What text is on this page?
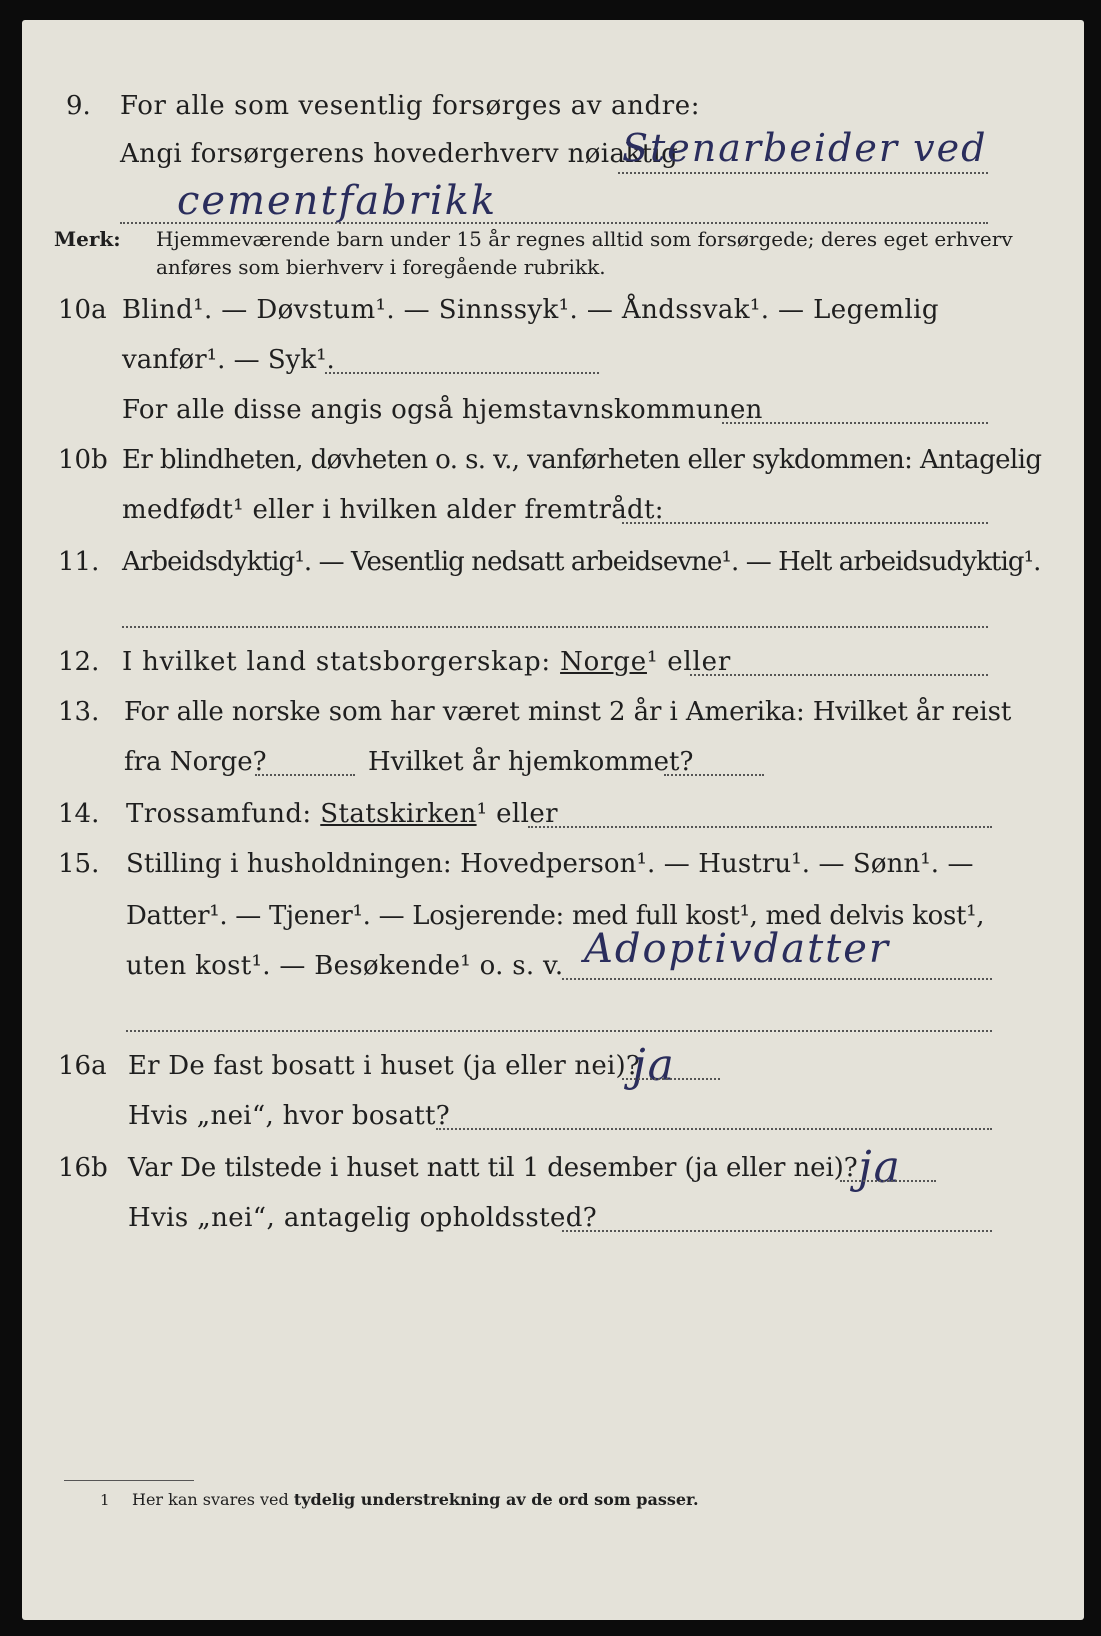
9. For alle som vesentlig forsørges av andre:
Angi forsørgerens hovederhverv nøiaktig
Stenarbeider ved
cementfabrikk
Merk: Hjemmeværende barn under 15 år regnes alltid som forsørgede; deres eget erhverv
anføres som bierhverv i foregående rubrikk.
10a Blind¹. — Døvstum¹. — Sinnssyk¹. — Åndssvak¹. — Legemlig
vanfør¹. — Syk¹.
For alle disse angis også hjemstavnskommunen
10b Er blindheten, døvheten o. s. v., vanførheten eller sykdommen: Antagelig
medfødt¹ eller i hvilken alder fremtrådt:
11. Arbeidsdyktig¹. — Vesentlig nedsatt arbeidsevne¹. — Helt arbeidsudyktig¹.
12. I hvilket land statsborgerskap: Norge¹ eller
13. For alle norske som har været minst 2 år i Amerika: Hvilket år reist
fra Norge?	Hvilket år hjemkommet?
14. Trossamfund: Statskirken¹ eller
15. Stilling i husholdningen: Hovedperson¹. — Hustru¹. — Sønn¹. —
Datter¹. — Tjener¹. — Losjerende: med full kost¹, med delvis kost¹,
uten kost¹. — Besøkende¹ o. s. v. Adoptivdatter
16a Er De fast bosatt i huset (ja eller nei)?
ja
Hvis „nei“, hvor bosatt?
16b Var De tilstede i huset natt til 1 desember (ja eller nei)? ja
Hvis „nei“, antagelig opholdssted?
1 Her kan svares ved tydelig understrekning av de ord som passer.
